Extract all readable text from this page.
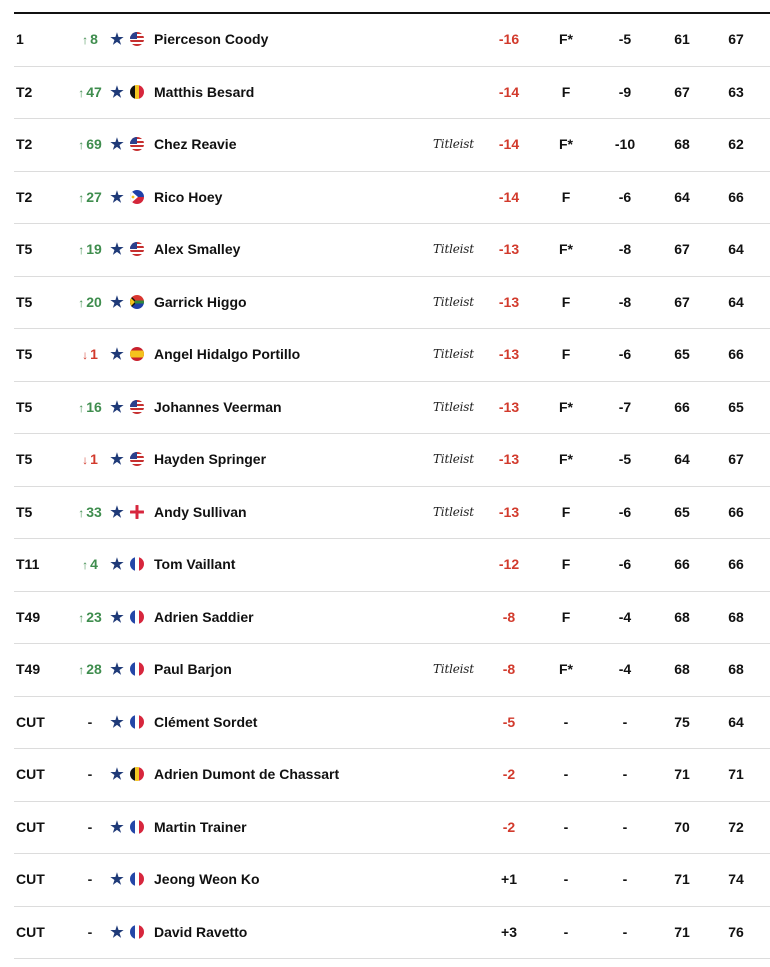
1	↑ 8 ★ Pierceson Coody	-16	F*	-5	61	67
T2	↑ 47 ★ Matthis Besard	-14	F	-9	67	63
T2	↑ 69 ★ Chez Reavie	Titleist	-14	F*	-10	68	62
T2	↑ 27 ★ Rico Hoey	-14	F	-6	64	66
T5	↑ 19 ★ Alex Smalley	Titleist	-13	F*	-8	67	64
T5	↑ 20 ★ Garrick Higgo	Titleist	-13	F	-8	67	64
T5	↓ 1 ★ Angel Hidalgo Portillo	Titleist	-13	F	-6	65	66
T5	↑ 16 ★ Johannes Veerman	Titleist	-13	F*	-7	66	65
T5	↓ 1 ★ Hayden Springer	Titleist	-13	F*	-5	64	67
T5	↑ 33 ★ Andy Sullivan	Titleist	-13	F	-6	65	66
T11	↑ 4 ★ Tom Vaillant	-12	F	-6	66	66
T49	↑ 23 ★ Adrien Saddier	-8	F	-4	68	68
T49	↑ 28 ★ Paul Barjon	Titleist	-8	F*	-4	68	68
CUT	-	★ Clément Sordet	-5	-	-	75	64
CUT	-	★ Adrien Dumont de Chassart	-2	-	-	71	71
CUT	-	★ Martin Trainer	-2	-	-	70	72
CUT	-	★ Jeong Weon Ko	+1	-	-	71	74
CUT	-	★ David Ravetto	+3	-	-	71	76
